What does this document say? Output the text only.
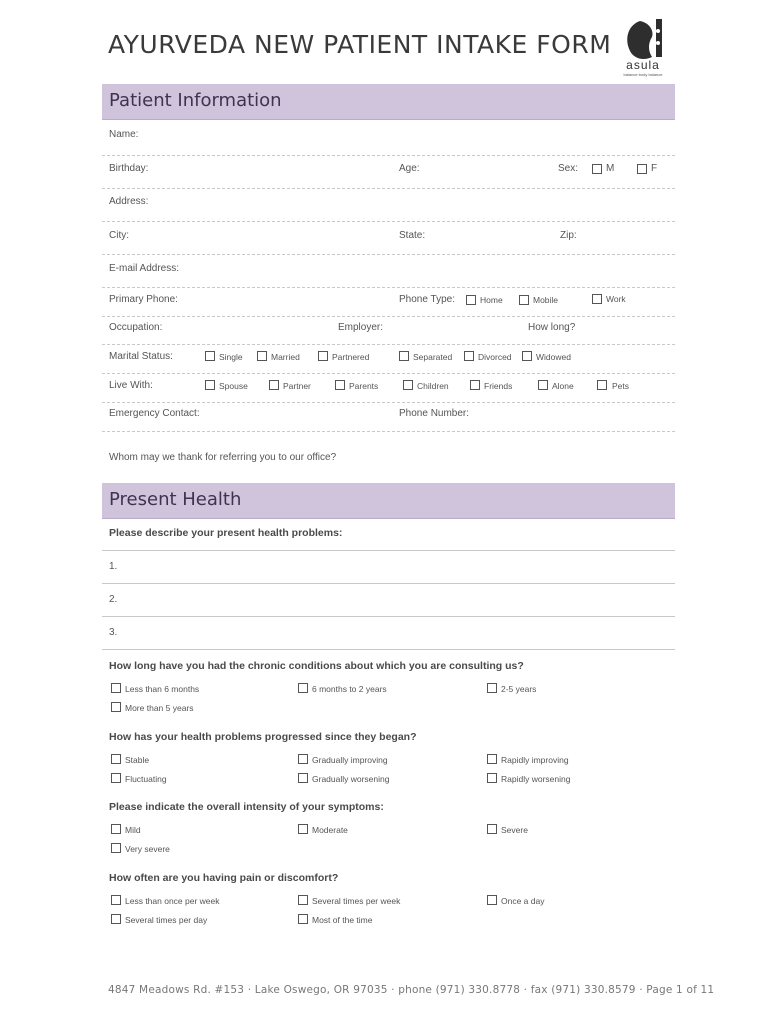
AYURVEDA NEW PATIENT INTAKE FORM
asula
balance body balance
Patient Information
Name:
Birthday:	Age:	Sex:	M	F
Address:
City:	State:	Zip:
E-mail Address:
Primary Phone:	Phone Type:	Home	Mobile	Work
Occupation:	Employer:	How long?
Marital Status:	Single	Married	Partnered	Separated	Divorced	Widowed
Live With:	Spouse	Partner	Parents	Children	Friends	Alone	Pets
Emergency Contact:	Phone Number:
Whom may we thank for referring you to our office?
Present Health
Please describe your present health problems:
1.
2.
3.
How long have you had the chronic conditions about which you are consulting us?
Less than 6 months	6 months to 2 years	2-5 years
More than 5 years
How has your health problems progressed since they began?
Stable	Gradually improving	Rapidly improving
Fluctuating	Gradually worsening	Rapidly worsening
Please indicate the overall intensity of your symptoms:
Mild	Moderate	Severe
Very severe
How often are you having pain or discomfort?
Less than once per week	Several times per week	Once a day
Several times per day	Most of the time
4847 Meadows Rd. #153 · Lake Oswego, OR 97035 · phone (971) 330.8778 · fax (971) 330.8579 · Page 1 of 11
